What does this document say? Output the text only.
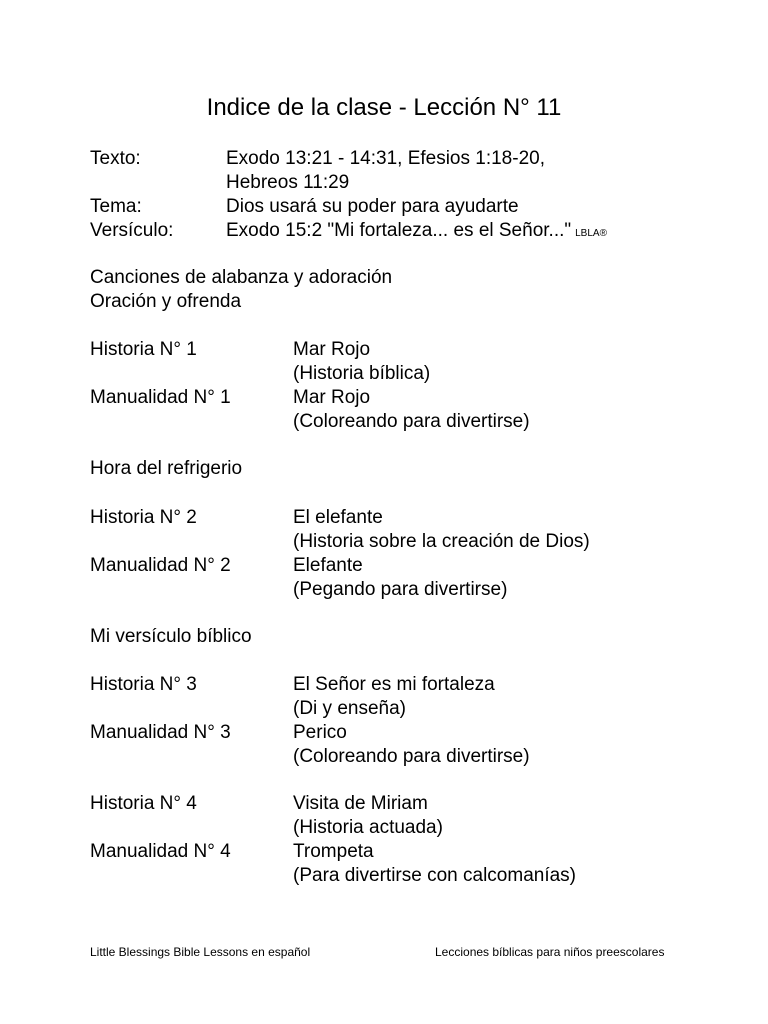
Indice de la clase - Lección N° 11
Texto:	Exodo 13:21 - 14:31, Efesios 1:18-20,
Hebreos 11:29
Tema:	Dios usará su poder para ayudarte
Versículo:	Exodo 15:2 "Mi fortaleza... es el Señor..." LBLA®
Canciones de alabanza y adoración
Oración y ofrenda
Historia N° 1	Mar Rojo
(Historia bíblica)
Manualidad N° 1	Mar Rojo
(Coloreando para divertirse)
Hora del refrigerio
Historia N° 2	El elefante
(Historia sobre la creación de Dios)
Manualidad N° 2	Elefante
(Pegando para divertirse)
Mi versículo bíblico
Historia N° 3	El Señor es mi fortaleza
(Di y enseña)
Manualidad N° 3	Perico
(Coloreando para divertirse)
Historia N° 4	Visita de Miriam
(Historia actuada)
Manualidad N° 4	Trompeta
(Para divertirse con calcomanías)
Little Blessings Bible Lessons en español	Lecciones bíblicas para niños preescolares
